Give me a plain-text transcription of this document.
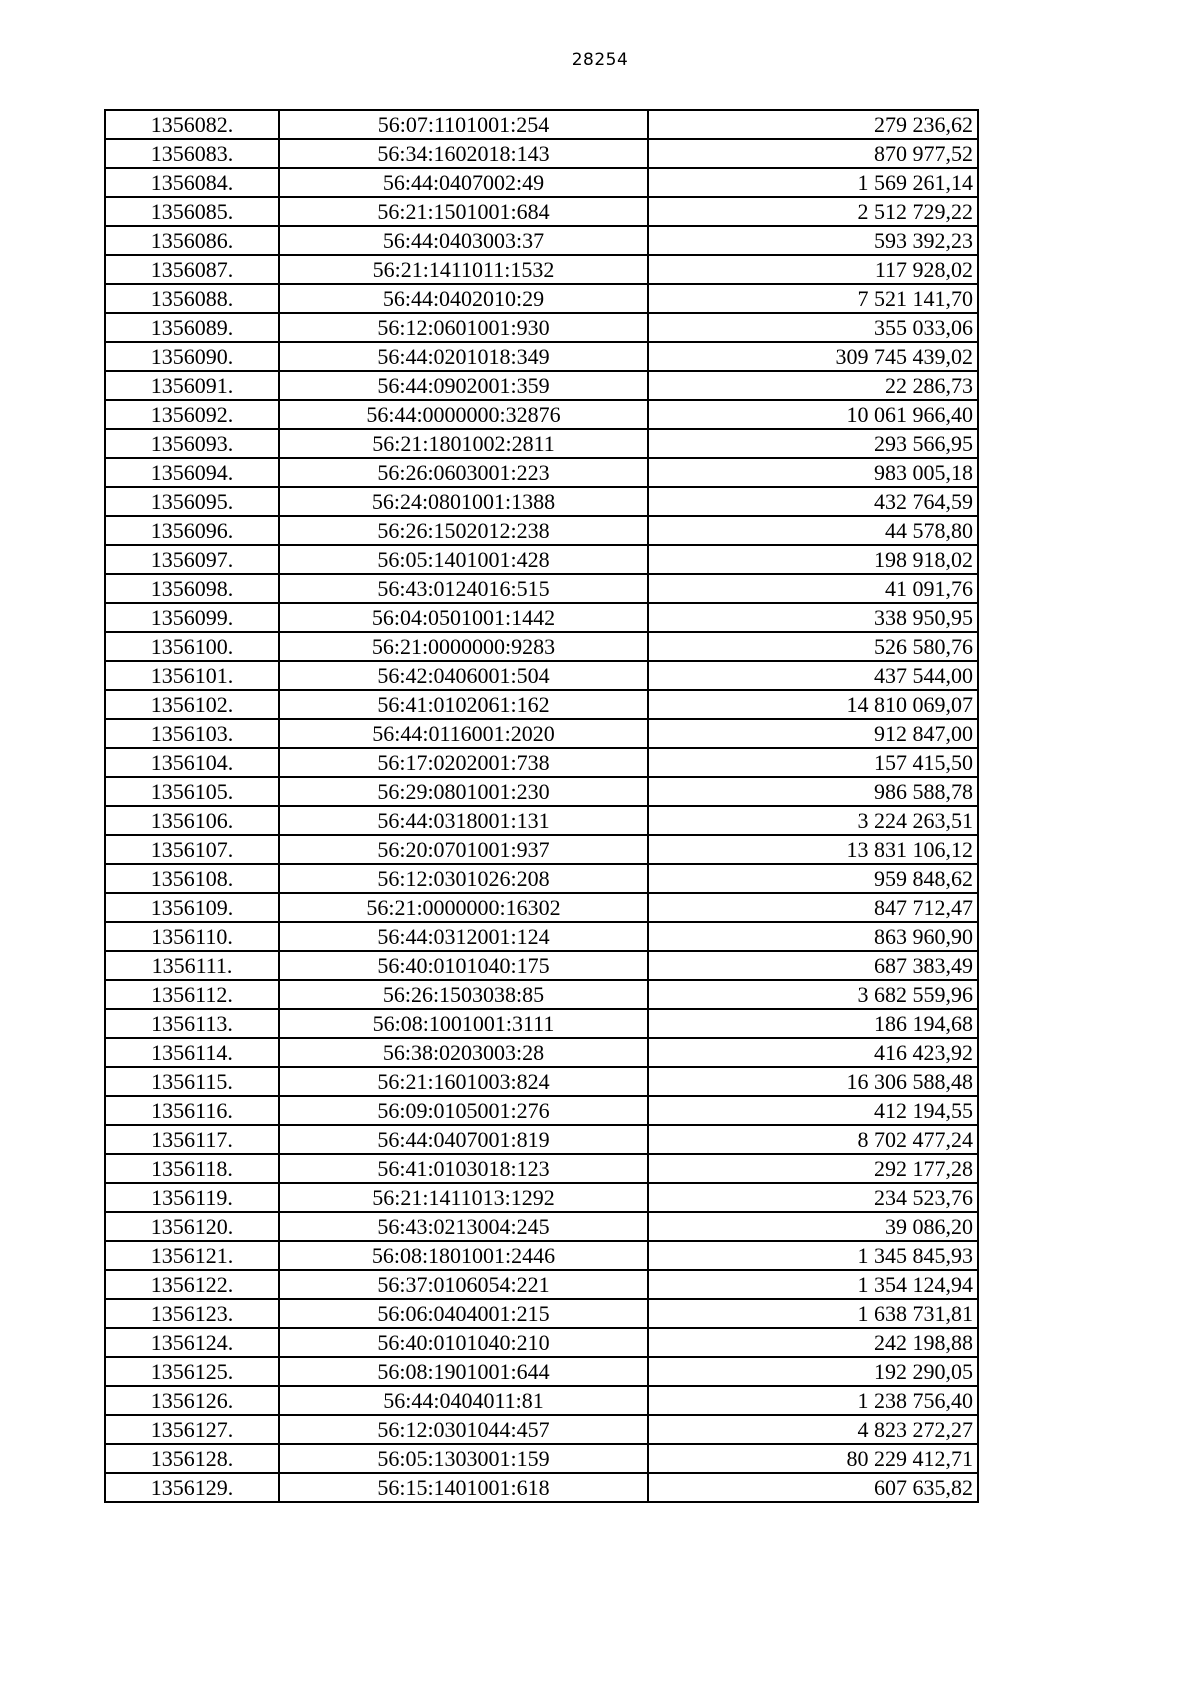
28254
1356082.	56:07:1101001:254	279 236,62
1356083.	56:34:1602018:143	870 977,52
1356084.	56:44:0407002:49	1 569 261,14
1356085.	56:21:1501001:684	2 512 729,22
1356086.	56:44:0403003:37	593 392,23
1356087.	56:21:1411011:1532	117 928,02
1356088.	56:44:0402010:29	7 521 141,70
1356089.	56:12:0601001:930	355 033,06
1356090.	56:44:0201018:349	309 745 439,02
1356091.	56:44:0902001:359	22 286,73
1356092.	56:44:0000000:32876	10 061 966,40
1356093.	56:21:1801002:2811	293 566,95
1356094.	56:26:0603001:223	983 005,18
1356095.	56:24:0801001:1388	432 764,59
1356096.	56:26:1502012:238	44 578,80
1356097.	56:05:1401001:428	198 918,02
1356098.	56:43:0124016:515	41 091,76
1356099.	56:04:0501001:1442	338 950,95
1356100.	56:21:0000000:9283	526 580,76
1356101.	56:42:0406001:504	437 544,00
1356102.	56:41:0102061:162	14 810 069,07
1356103.	56:44:0116001:2020	912 847,00
1356104.	56:17:0202001:738	157 415,50
1356105.	56:29:0801001:230	986 588,78
1356106.	56:44:0318001:131	3 224 263,51
1356107.	56:20:0701001:937	13 831 106,12
1356108.	56:12:0301026:208	959 848,62
1356109.	56:21:0000000:16302	847 712,47
1356110.	56:44:0312001:124	863 960,90
1356111.	56:40:0101040:175	687 383,49
1356112.	56:26:1503038:85	3 682 559,96
1356113.	56:08:1001001:3111	186 194,68
1356114.	56:38:0203003:28	416 423,92
1356115.	56:21:1601003:824	16 306 588,48
1356116.	56:09:0105001:276	412 194,55
1356117.	56:44:0407001:819	8 702 477,24
1356118.	56:41:0103018:123	292 177,28
1356119.	56:21:1411013:1292	234 523,76
1356120.	56:43:0213004:245	39 086,20
1356121.	56:08:1801001:2446	1 345 845,93
1356122.	56:37:0106054:221	1 354 124,94
1356123.	56:06:0404001:215	1 638 731,81
1356124.	56:40:0101040:210	242 198,88
1356125.	56:08:1901001:644	192 290,05
1356126.	56:44:0404011:81	1 238 756,40
1356127.	56:12:0301044:457	4 823 272,27
1356128.	56:05:1303001:159	80 229 412,71
1356129.	56:15:1401001:618	607 635,82
